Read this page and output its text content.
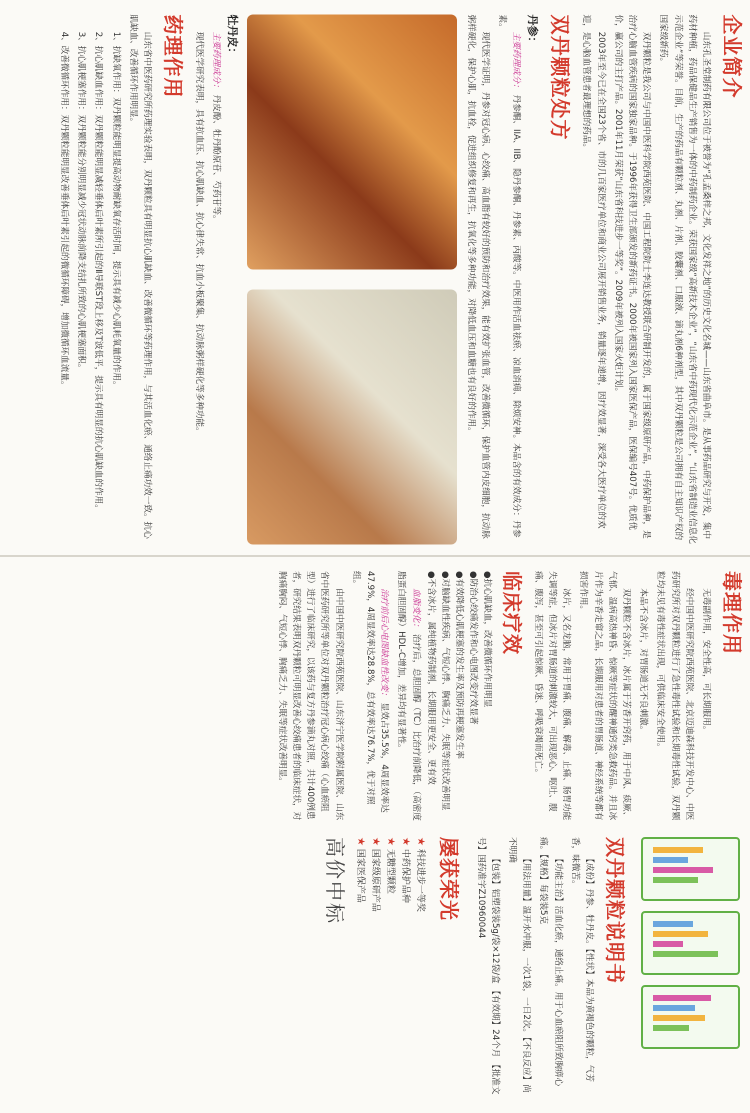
企业简介

山东孔圣堂制药有限公司位于被誉为“孔孟桑梓之邦，文化发祥之地”的历史文化名城——山东省曲阜市。是从事药品研究与开发，集中药材种植，药品保健品生产销售为一体的中药制药企业。荣获国家级“高新技术企业”，“山东省中药现代化示范企业”，“山东省制造业信息化示范企业”等荣誉。目前，生产的药品有颗粒剂、丸剂、片剂、胶囊剂、口服液、滴丸剂6种剂型，其中双丹颗粒是公司拥有自主知识产权的国家级新药。

双丹颗粒是我公司与中国中医科学院西苑医院、中国工程院院士李连达教授联合研制开发的，属于国家级原研产品，中药保护品种，是治疗心脑血管疾病的国家独家品种。于1996年获得卫生部颁发的新药证书。2000年被国家列入国家医保产品，医保编号407号。优质优价，赢公司的主打产品。2001年11月荣获“山东省科技进步一等奖”。2009年被列入国家火炬计划。

2003年至今已在全国23个省、市的几百家医疗单位和商业公司展开销售业务，销量逐年递增，因疗效显著，深受各大医疗单位的欢迎，是心脑血管患者最理想的药品。

双丹颗粒处方
丹参：

主要药理成分： 丹参酮、IIA、IIB、隐丹参酮、丹参素、丙酸等。中医用作活血祛瘀、凉血消痈、除烦安神。本品含的有效成分：丹参素。

现代医学证明，丹参对冠心病、心绞痛、高血脂有较好的预防和治疗效果，能有效扩张血管，改善微循环，保护血管内皮细胞，抗动脉粥样硬化，保护心肌，抗血栓，促进组织修复和再生，抗氧化等多种功能，对降低血压和血糖也有良好的作用。

牡丹皮：

主要药理成分： 丹皮酚、牡丹酚原苷、芍药苷等。

现代医学研究表明，具有抗血压、抗心肌缺血、抗心律失常、抗血小板聚集、抗动脉粥样硬化等多种功能。

药理作用

山东省中医药研究所药理实验表明，双丹颗粒具有明显抗心肌缺血、改善微循环等药理作用，与其活血化瘀、通络止痛功效一致。抗心肌缺血、改善循环作用明显。

1、抗缺氧作用：双丹颗粒能明显提高动物耐缺氧存活时间，提示具有减少心肌耗氧量的作用。

2、抗心肌缺血作用：双丹颗粒能明显减轻垂体后叶素所引起的Ⅱ导联ST段上移及T波低平，提示具有明显的抗心肌缺血的作用。

3、抗心肌梗塞作用：双丹颗粒能分别明显减少冠状动脉前降支结扎所致的心肌梗塞面积。

4、改善微循环作用：双丹颗粒能明显改善垂体后叶素引起的微循环障碍，增加微循环血流量。

毒理作用

无毒副作用，安全性高，可长期服用。

经中国中医研究院西苑医院、北京迈迪森科技开发中心、中医药研究所对双丹颗粒进行了急性毒性试验和长期毒性试验，双丹颗粒均未见有毒性症状出现，可供临床安全使用。

本品不含冰片，对胃肠道无不良刺激。

双丹颗粒不含冰片，冰片属于芳香开窍药，用于中风、痰厥、气郁、温病高热神昏、惊厥等症状的醒神通窍类急救药品。并且冰片作为辛香走窜之品，长期服用对患者的胃肠道、神经系统等都有损害作用。

冰片，又名龙脑，常用于胃痛、腹痛、解毒、止痛、肠胃功能失调等症，但冰片对胃肠道的刺激较大，可出现恶心、呕吐、腹痛、腹泻，甚至可引起惊厥、昏迷、呼吸衰竭而死亡。

临床疗效
●抗心肌缺血，改善微循环作用明显
●防治心绞痛发作和心电图改变疗效显著
●有效降低心肌梗塞的发生率及预防再梗塞发生率
●对脑缺血性疾病、气短心悸、胸痛乏力、失眠等症状改善明显
●不含冰片，属纯植物药制剂，长期服用更安全、更有效

血脂变化： 治疗后，总胆固醇（TC）比治疗前降低，（高密度脂蛋白胆固醇）HDL-C增加，差异均有显著性。

治疗前后心电图缺血性改变： 显效占35.5%，4周显效率达47.9%，4周显效率达28.8%，总有效率达76.7%，优于对照组。

由中国中医研究院西苑医院、山东济宁医学院附属医院、山东省中医药研究所等单位对双丹颗粒治疗冠心病心绞痛（心血瘀阻型）进行了临床研究，以该药与复方丹参滴丸对照，共计400例患者，研究结果表明双丹颗粒可明显改善心绞痛患者的临床症状，对胸痛胸闷、气短心悸、胸痛乏力、失眠等症状改善明显。

双丹颗粒说明书

【成份】丹参、牡丹皮。【性状】本品为黄褐色的颗粒，气芳香，味微苦。

【功能主治】活血化瘀，通络止痛。用于心血瘀阻所致胸痹心痛。【规格】每袋装5克

【用法用量】温开水冲服，一次1袋，一日2次。【不良反应】尚不明确

【包装】铝塑袋装5g/袋×12袋/盒 【有效期】24个月 【批准文号】国药准字Z10960044

屡获荣光
★ 科技进步一等奖
★ 中药保护品种
★ 无糖型颗粒
★ 国家级原研产品
★ 国家医保产品
高价中标
